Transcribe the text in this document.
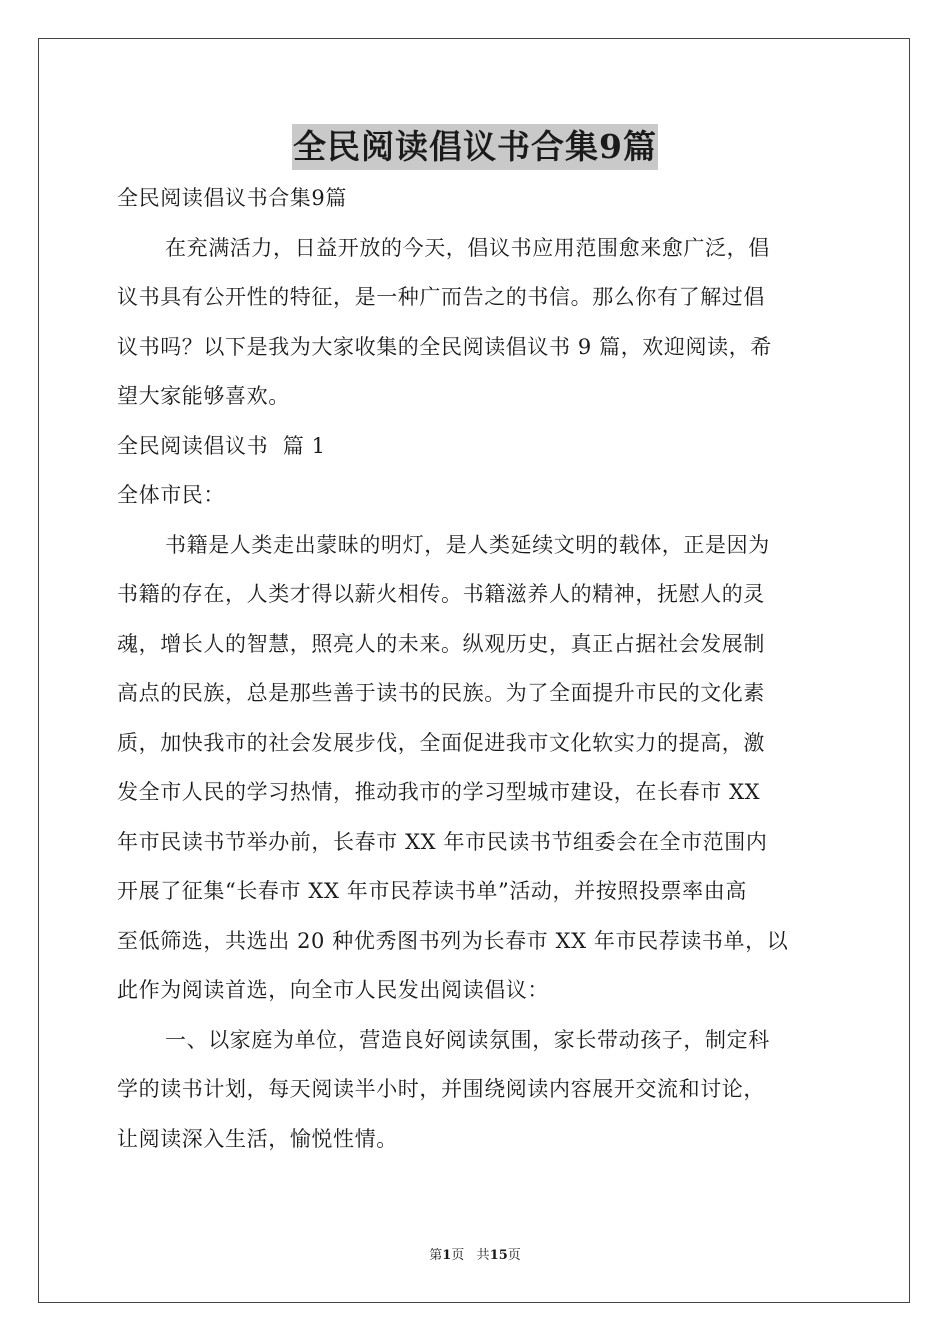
全民阅读倡议书合集9篇
全民阅读倡议书合集9篇
在充满活力，日益开放的今天，倡议书应用范围愈来愈广泛，倡
议书具有公开性的特征，是一种广而告之的书信。那么你有了解过倡
议书吗？以下是我为大家收集的全民阅读倡议书 9 篇，欢迎阅读，希
望大家能够喜欢。
全民阅读倡议书  篇 1
全体市民：
书籍是人类走出蒙昧的明灯，是人类延续文明的载体，正是因为
书籍的存在，人类才得以薪火相传。书籍滋养人的精神，抚慰人的灵
魂，增长人的智慧，照亮人的未来。纵观历史，真正占据社会发展制
高点的民族，总是那些善于读书的民族。为了全面提升市民的文化素
质，加快我市的社会发展步伐，全面促进我市文化软实力的提高，激
发全市人民的学习热情，推动我市的学习型城市建设，在长春市 XX
年市民读书节举办前，长春市 XX 年市民读书节组委会在全市范围内
开展了征集“长春市 XX 年市民荐读书单”活动，并按照投票率由高
至低筛选，共选出 20 种优秀图书列为长春市 XX 年市民荐读书单，以
此作为阅读首选，向全市人民发出阅读倡议：
一、以家庭为单位，营造良好阅读氛围，家长带动孩子，制定科
学的读书计划，每天阅读半小时，并围绕阅读内容展开交流和讨论，
让阅读深入生活，愉悦性情。
第1页 共15页
